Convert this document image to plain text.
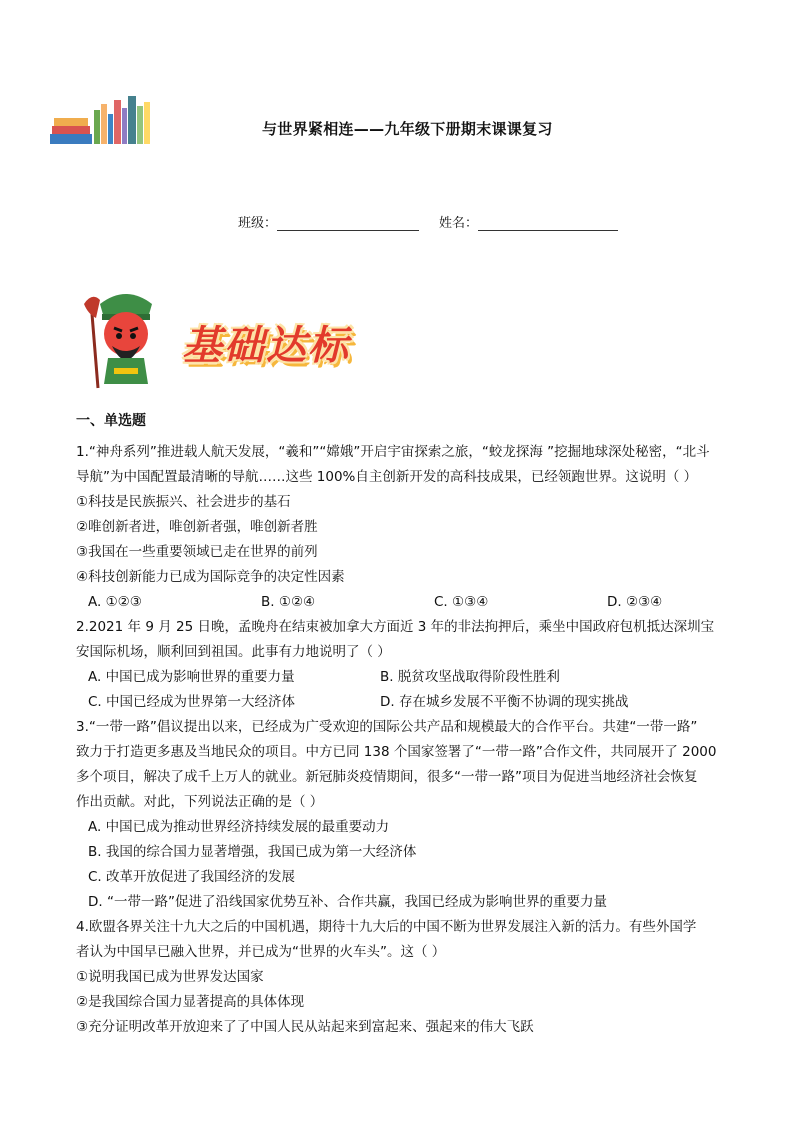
与世界紧相连——九年级下册期末课课复习
班级：	姓名：
基础达标
一、单选题

1.“神舟系列”推进载人航天发展，“羲和”“嫦娥”开启宇宙探索之旅，“蛟龙探海 ”挖掘地球深处秘密，“北斗

导航”为中国配置最清晰的导航……这些 100%自主创新开发的高科技成果，已经领跑世界。这说明（ ）

①科技是民族振兴、社会进步的基石

②唯创新者进，唯创新者强，唯创新者胜

③我国在一些重要领域已走在世界的前列

④科技创新能力已成为国际竞争的决定性因素

A. ①②③	B. ①②④	C. ①③④	D. ②③④

2.2021 年 9 月 25 日晚，孟晚舟在结束被加拿大方面近 3 年的非法拘押后，乘坐中国政府包机抵达深圳宝

安国际机场，顺利回到祖国。此事有力地说明了（ ）

A. 中国已成为影响世界的重要力量	B. 脱贫攻坚战取得阶段性胜利
C. 中国已经成为世界第一大经济体	D. 存在城乡发展不平衡不协调的现实挑战

3.“一带一路”倡议提出以来，已经成为广受欢迎的国际公共产品和规模最大的合作平台。共建“一带一路”

致力于打造更多惠及当地民众的项目。中方已同 138 个国家签署了“一带一路”合作文件，共同展开了 2000

多个项目，解决了成千上万人的就业。新冠肺炎疫情期间，很多“一带一路”项目为促进当地经济社会恢复

作出贡献。对此，下列说法正确的是（ ）

A. 中国已成为推动世界经济持续发展的最重要动力
B. 我国的综合国力显著增强，我国已成为第一大经济体
C. 改革开放促进了我国经济的发展
D. “一带一路”促进了沿线国家优势互补、合作共赢，我国已经成为影响世界的重要力量

4.欧盟各界关注十九大之后的中国机遇，期待十九大后的中国不断为世界发展注入新的活力。有些外国学

者认为中国早已融入世界，并已成为“世界的火车头”。这（ ）

①说明我国已成为世界发达国家

②是我国综合国力显著提高的具体体现

③充分证明改革开放迎来了了中国人民从站起来到富起来、强起来的伟大飞跃
